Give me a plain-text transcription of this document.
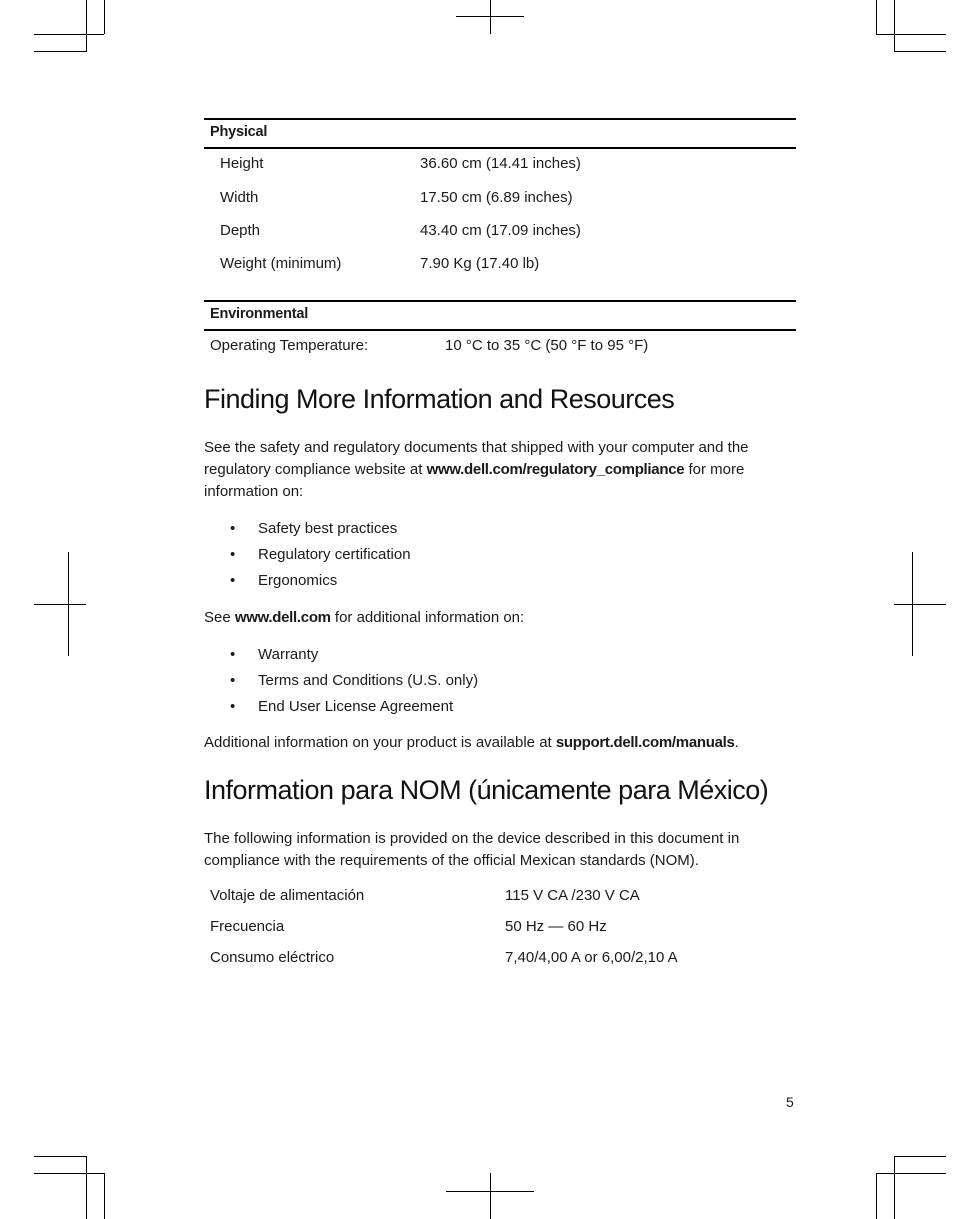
Physical
Height	36.60 cm (14.41 inches)
Width	17.50 cm (6.89 inches)
Depth	43.40 cm (17.09 inches)
Weight (minimum)	7.90 Kg (17.40 lb)
Environmental
Operating Temperature:	10 °C to 35 °C (50 °F to 95 °F)
Finding More Information and Resources

See the safety and regulatory documents that shipped with your computer and the regulatory compliance website at www.dell.com/regulatory_compliance for more information on:

• Safety best practices
• Regulatory certification
• Ergonomics

See www.dell.com for additional information on:

• Warranty
• Terms and Conditions (U.S. only)
• End User License Agreement

Additional information on your product is available at support.dell.com/manuals.

Information para NOM (únicamente para México)

The following information is provided on the device described in this document in compliance with the requirements of the official Mexican standards (NOM).

Voltaje de alimentación	115 V CA /230 V CA
Frecuencia	50 Hz — 60 Hz
Consumo eléctrico	7,40/4,00 A or 6,00/2,10 A
5
